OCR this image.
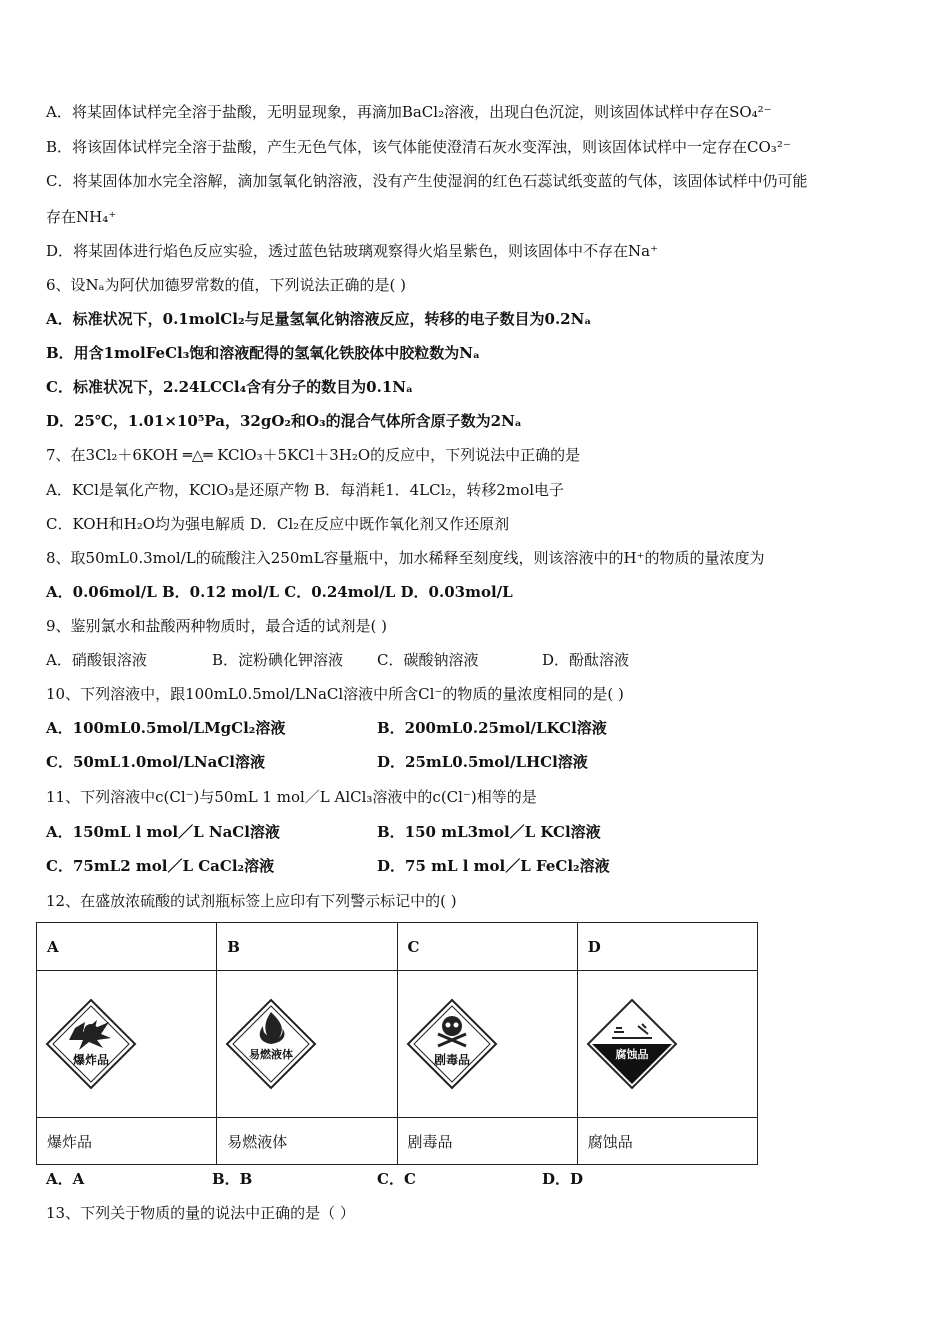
A．将某固体试样完全溶于盐酸，无明显现象，再滴加BaCl₂溶液，出现白色沉淀，则该固体试样中存在SO₄²⁻
B．将该固体试样完全溶于盐酸，产生无色气体，该气体能使澄清石灰水变浑浊，则该固体试样中一定存在CO₃²⁻
C．将某固体加水完全溶解，滴加氢氧化钠溶液，没有产生使湿润的红色石蕊试纸变蓝的气体，该固体试样中仍可能
存在NH₄⁺
D．将某固体进行焰色反应实验，透过蓝色钴玻璃观察得火焰呈紫色，则该固体中不存在Na⁺
6、设Nₐ为阿伏加德罗常数的值，下列说法正确的是( )
A．标准状况下，0.1molCl₂与足量氢氧化钠溶液反应，转移的电子数目为0.2Nₐ
B．用含1molFeCl₃饱和溶液配得的氢氧化铁胶体中胶粒数为Nₐ
C．标准状况下，2.24LCCl₄含有分子的数目为0.1Nₐ
D．25℃，1.01×10⁵Pa，32gO₂和O₃的混合气体所含原子数为2Nₐ
7、在3Cl₂＋6KOH ═△═ KClO₃＋5KCl＋3H₂O的反应中，下列说法中正确的是
A．KCl是氧化产物，KClO₃是还原产物 B．每消耗1．4LCl₂，转移2mol电子
C．KOH和H₂O均为强电解质 D．Cl₂在反应中既作氧化剂又作还原剂
8、取50mL0.3mol/L的硫酸注入250mL容量瓶中，加水稀释至刻度线，则该溶液中的H⁺的物质的量浓度为
A．0.06mol/L B．0.12 mol/L C．0.24mol/L D．0.03mol/L
9、鉴别氯水和盐酸两种物质时，最合适的试剂是( )
A．硝酸银溶液	B．淀粉碘化钾溶液 C．碳酸钠溶液	D．酚酞溶液
10、下列溶液中，跟100mL0.5mol/LNaCl溶液中所含Cl⁻的物质的量浓度相同的是( )
A．100mL0.5mol/LMgCl₂溶液	B．200mL0.25mol/LKCl溶液
C．50mL1.0mol/LNaCl溶液	D．25mL0.5mol/LHCl溶液
11、下列溶液中c(Cl⁻)与50mL 1 mol／L AlCl₃溶液中的c(Cl⁻)相等的是
A．150mL l mol／L NaCl溶液	B．150 mL3mol／L KCl溶液
C．75mL2 mol／L CaCl₂溶液	D．75 mL l mol／L FeCl₂溶液
12、在盛放浓硫酸的试剂瓶标签上应印有下列警示标记中的( )
A	B	C	D

爆炸品	易燃液体	剧毒品	腐蚀品

爆炸品	易燃液体	剧毒品	腐蚀品
A．A	B．B	C．C	D．D
13、下列关于物质的量的说法中正确的是（ ）
